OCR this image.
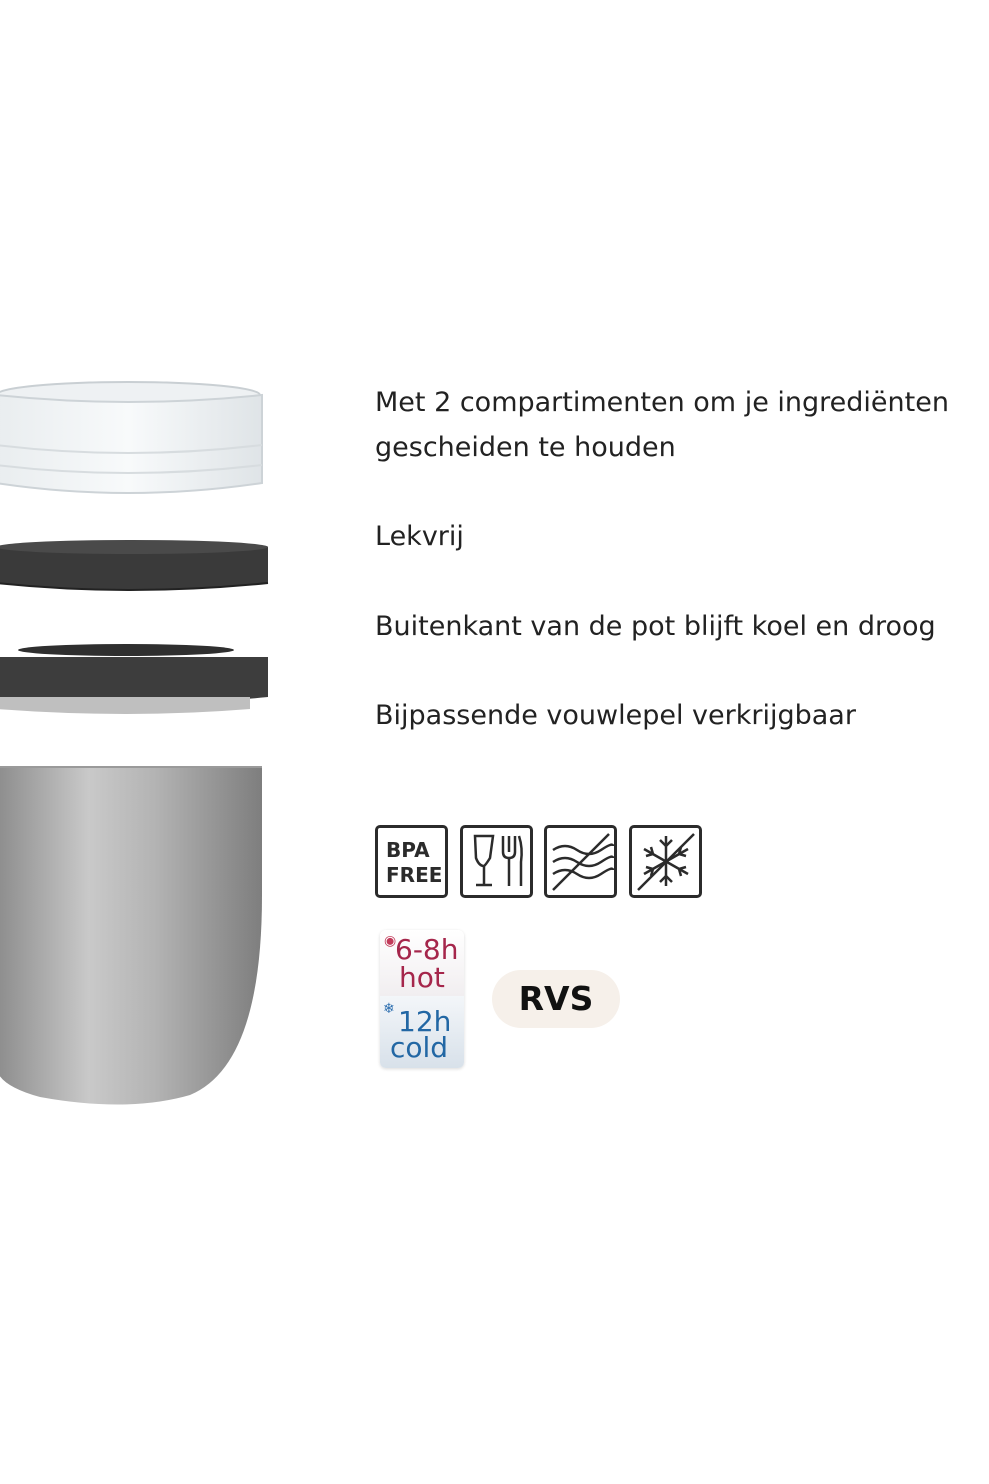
Met 2 compartimenten om je ingrediënten
gescheiden te houden
Lekvrij
Buitenkant van de pot blijft koel en droog
Bijpassende vouwlepel verkrijgbaar
BPA
FREE
◉
❄
6-8h
hot
12h
cold
RVS
